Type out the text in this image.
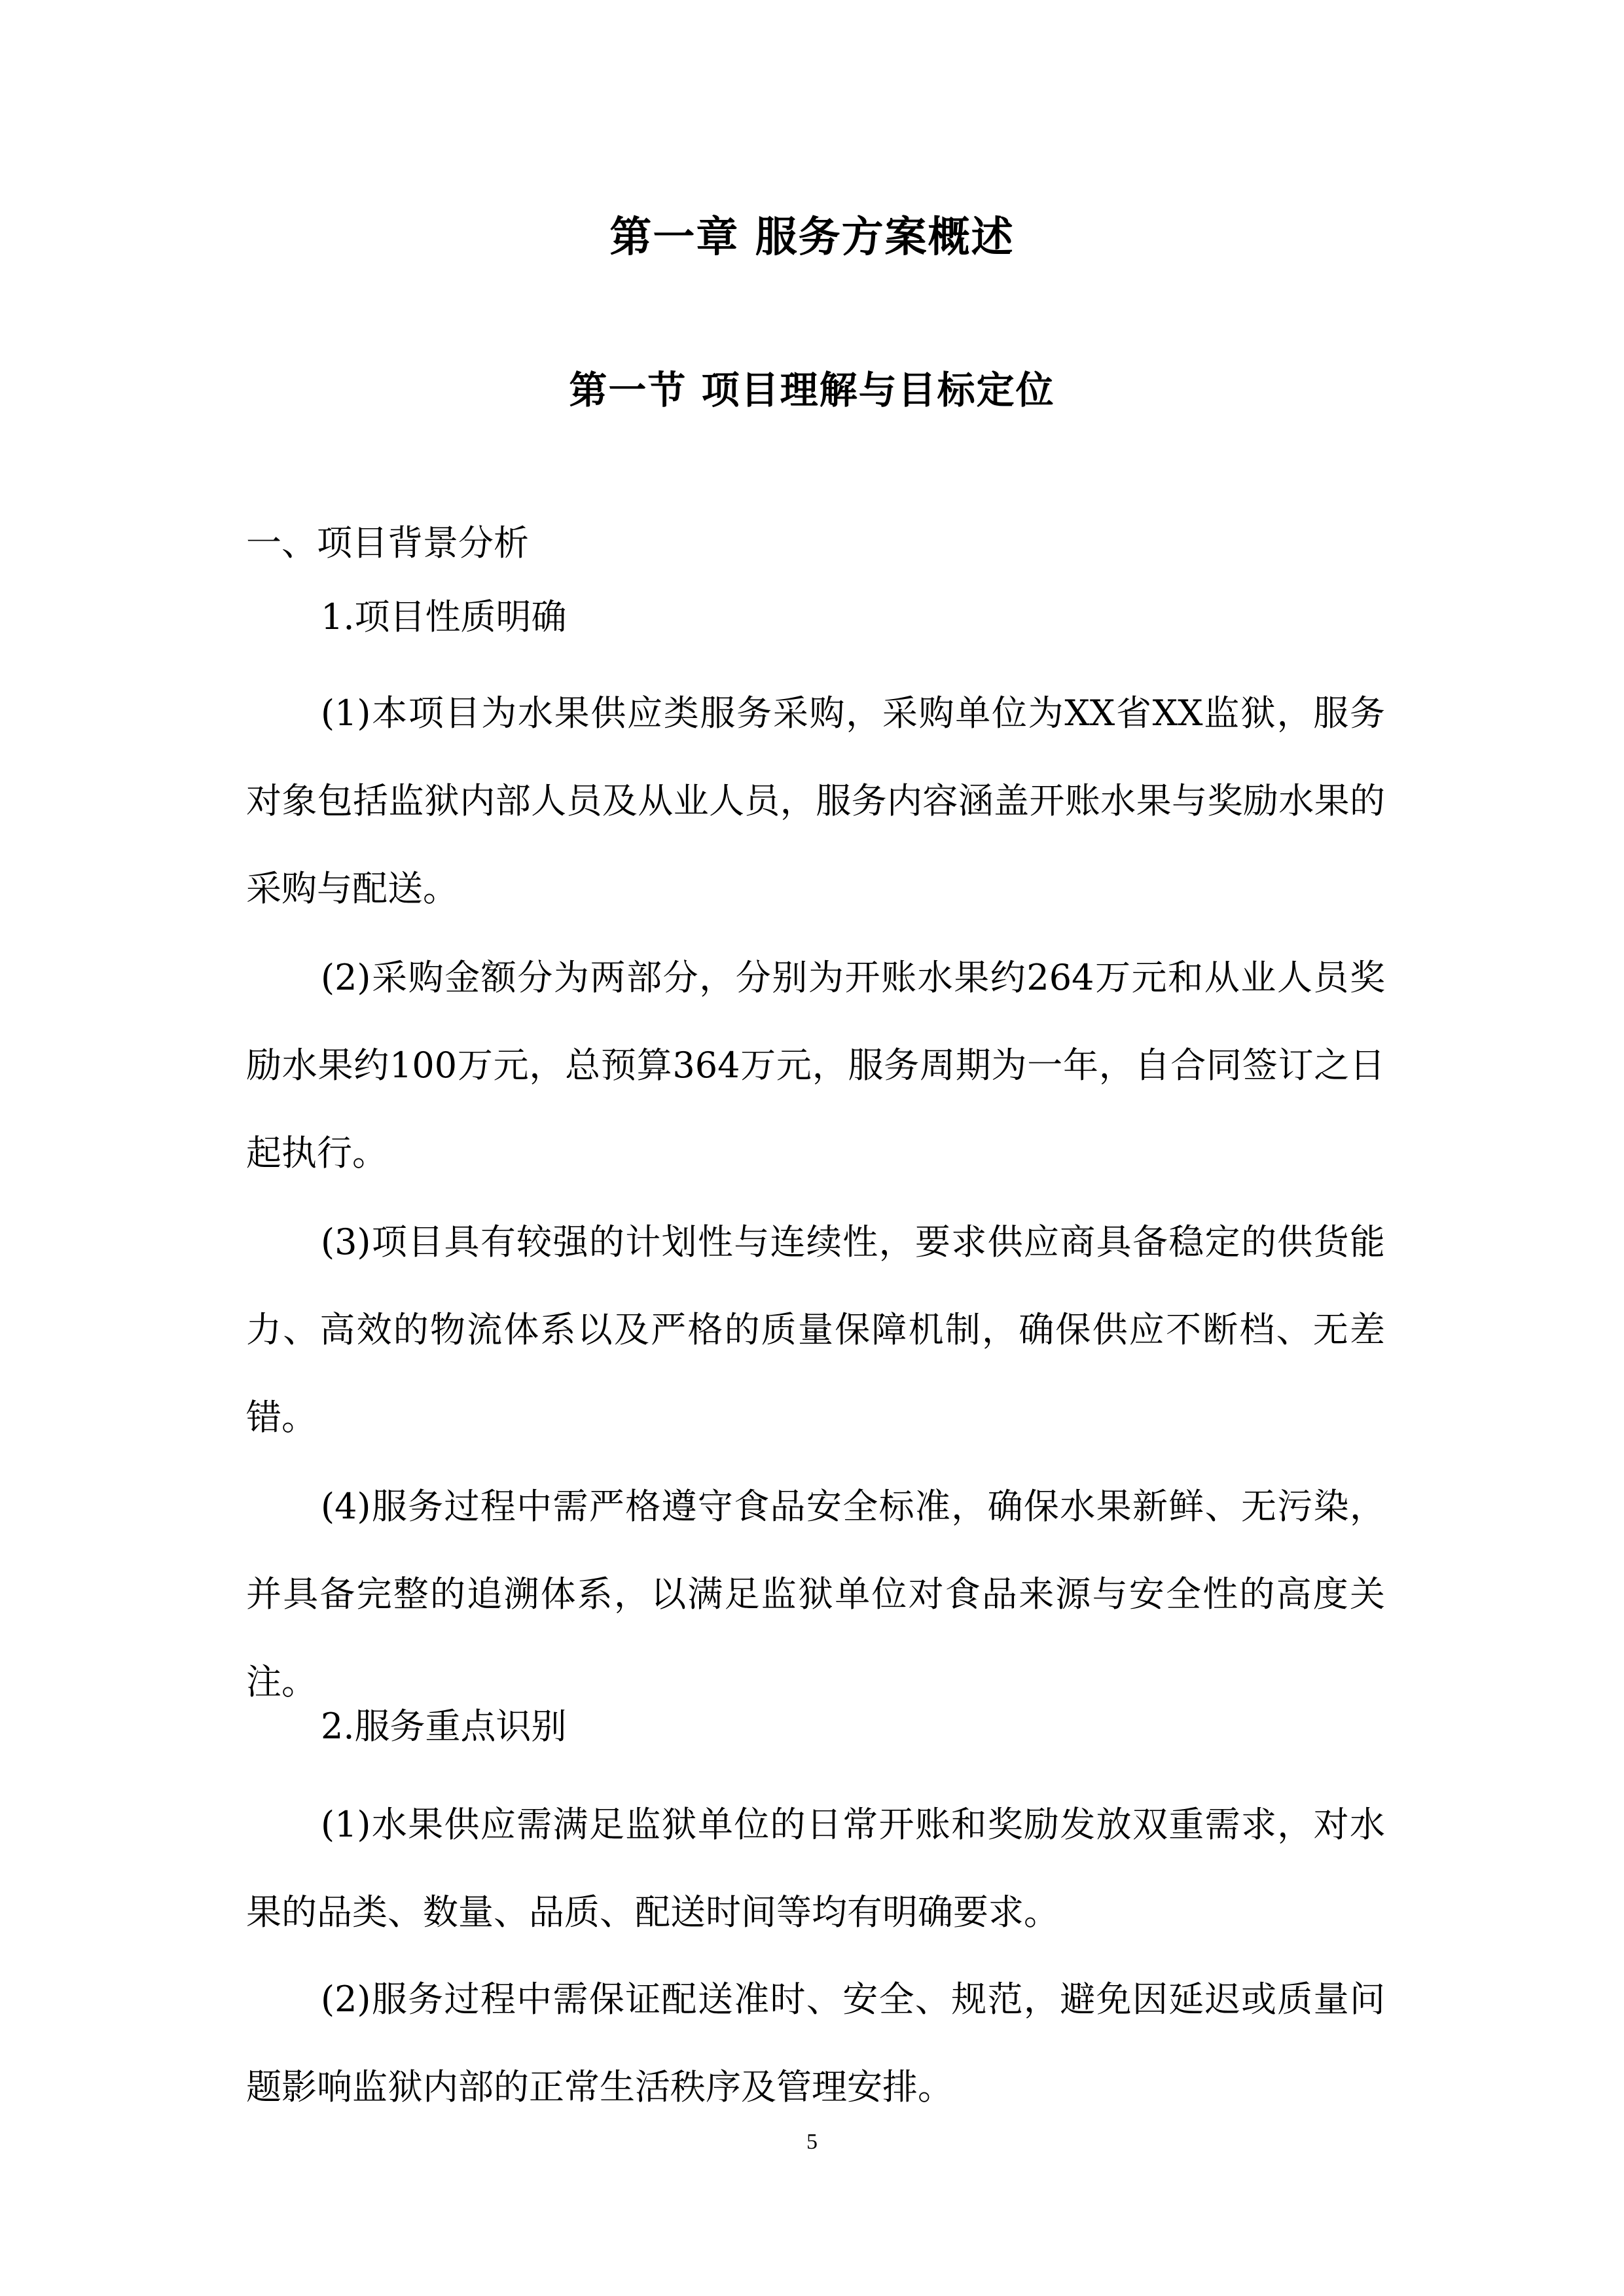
第一章 服务方案概述
第一节 项目理解与目标定位
一、项目背景分析
1.项目性质明确
(1)本项目为水果供应类服务采购，采购单位为XX省XX监狱，服务对象包括监狱内部人员及从业人员，服务内容涵盖开账水果与奖励水果的采购与配送。
(2)采购金额分为两部分，分别为开账水果约264万元和从业人员奖励水果约100万元，总预算364万元，服务周期为一年，自合同签订之日起执行。
(3)项目具有较强的计划性与连续性，要求供应商具备稳定的供货能力、高效的物流体系以及严格的质量保障机制，确保供应不断档、无差错。
(4)服务过程中需严格遵守食品安全标准，确保水果新鲜、无污染，并具备完整的追溯体系，以满足监狱单位对食品来源与安全性的高度关注。
2.服务重点识别
(1)水果供应需满足监狱单位的日常开账和奖励发放双重需求，对水果的品类、数量、品质、配送时间等均有明确要求。
(2)服务过程中需保证配送准时、安全、规范，避免因延迟或质量问题影响监狱内部的正常生活秩序及管理安排。
5
